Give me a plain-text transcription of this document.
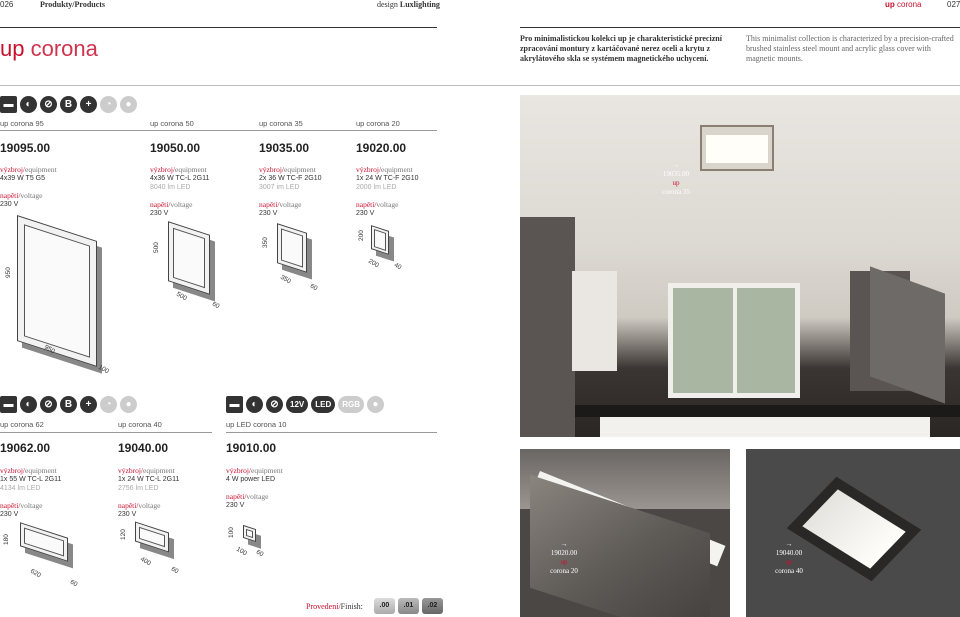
026	Produkty/Products	design Luxlighting	up corona	027
up corona	Pro minimalistickou kolekci up je charakteristické precizní zpracování montury z kartáčované nerez oceli a krytu z akrylátového skla se systémem magnetického uchycení.
This minimalist collection is characterized by a precision-crafted brushed stainless steel mount and acrylic glass cover with magnetic mounts.
▬	◐	⊘	B	+	◔	●
up corona 95	up corona 50	up corona 35	up corona 20
19095.00	19050.00	19035.00	19020.00
výzbroj/equipment
4x39 W T5 G5
napětí/voltage
230 V
výzbroj/equipment
4x36 W TC-L 2G11
8040 lm LED
napětí/voltage
230 V
výzbroj/equipment
2x 36 W TC-F 2G10
3007 im LED
napětí/voltage
230 V
výzbroj/equipment
1x 24 W TC-F 2G10
2000 lm LED
napětí/voltage
230 V
950
950
100
500
500
60
350
350
60
200
200 40
▬	◐	⊘	B	+	◔	●	▬	◐	⊘	12V	LED	RGB	●
up corona 62	up corona 40	up LED corona 10
19062.00	19040.00	19010.00
výzbroj/equipment
1x 55 W TC-L 2G11
4134 lm LED
napětí/voltage
230 V
výzbroj/equipment
1x 24 W TC-L 2G11
2756 lm LED
napětí/voltage
230 V
výzbroj/equipment
4 W power LED
napětí/voltage
230 V
180
620
60
120
400
60
100
100 60
→
19035.00
up
corona 35
→
19020.00
up
corona 20
→
19040.00
up
corona 40
Provedení/Finish:	.00	.01	.02
